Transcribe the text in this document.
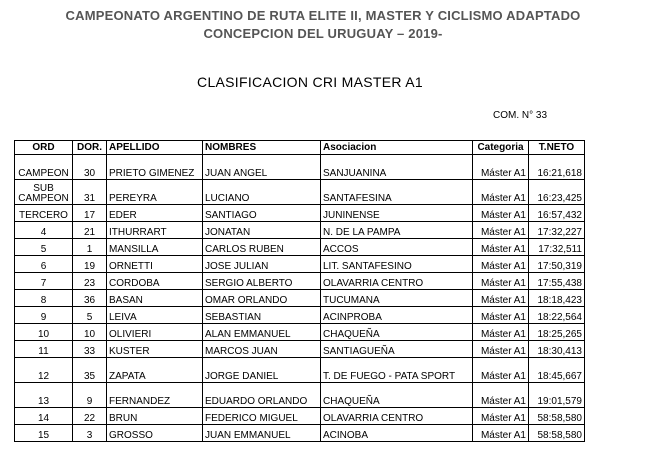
CAMPEONATO ARGENTINO DE RUTA ELITE II, MASTER Y CICLISMO ADAPTADO
CONCEPCION DEL URUGUAY – 2019-
CLASIFICACION CRI MASTER A1
COM. N° 33
ORD	DOR.	APELLIDO	NOMBRES	Asociacion	Categoria	T.NETO
CAMPEON	30	PRIETO GIMENEZ	JUAN ANGEL	SANJUANINA	Máster A1	16:21,618
SUB CAMPEON	31	PEREYRA	LUCIANO	SANTAFESINA	Máster A1	16:23,425
TERCERO	17	EDER	SANTIAGO	JUNINENSE	Máster A1	16:57,432
4	21	ITHURRART	JONATAN	N. DE LA PAMPA	Máster A1	17:32,227
5	1	MANSILLA	CARLOS RUBEN	ACCOS	Máster A1	17:32,511
6	19	ORNETTI	JOSE JULIAN	LIT. SANTAFESINO	Máster A1	17:50,319
7	23	CORDOBA	SERGIO ALBERTO	OLAVARRIA CENTRO	Máster A1	17:55,438
8	36	BASAN	OMAR ORLANDO	TUCUMANA	Máster A1	18:18,423
9	5	LEIVA	SEBASTIAN	ACINPROBA	Máster A1	18:22,564
10	10	OLIVIERI	ALAN EMMANUEL	CHAQUEÑA	Máster A1	18:25,265
11	33	KUSTER	MARCOS JUAN	SANTIAGUEÑA	Máster A1	18:30,413
12	35	ZAPATA	JORGE DANIEL	T. DE FUEGO - PATA SPORT	Máster A1	18:45,667
13	9	FERNANDEZ	EDUARDO ORLANDO	CHAQUEÑA	Máster A1	19:01,579
14	22	BRUN	FEDERICO MIGUEL	OLAVARRIA CENTRO	Máster A1	58:58,580
15	3	GROSSO	JUAN EMMANUEL	ACINOBA	Máster A1	58:58,580
